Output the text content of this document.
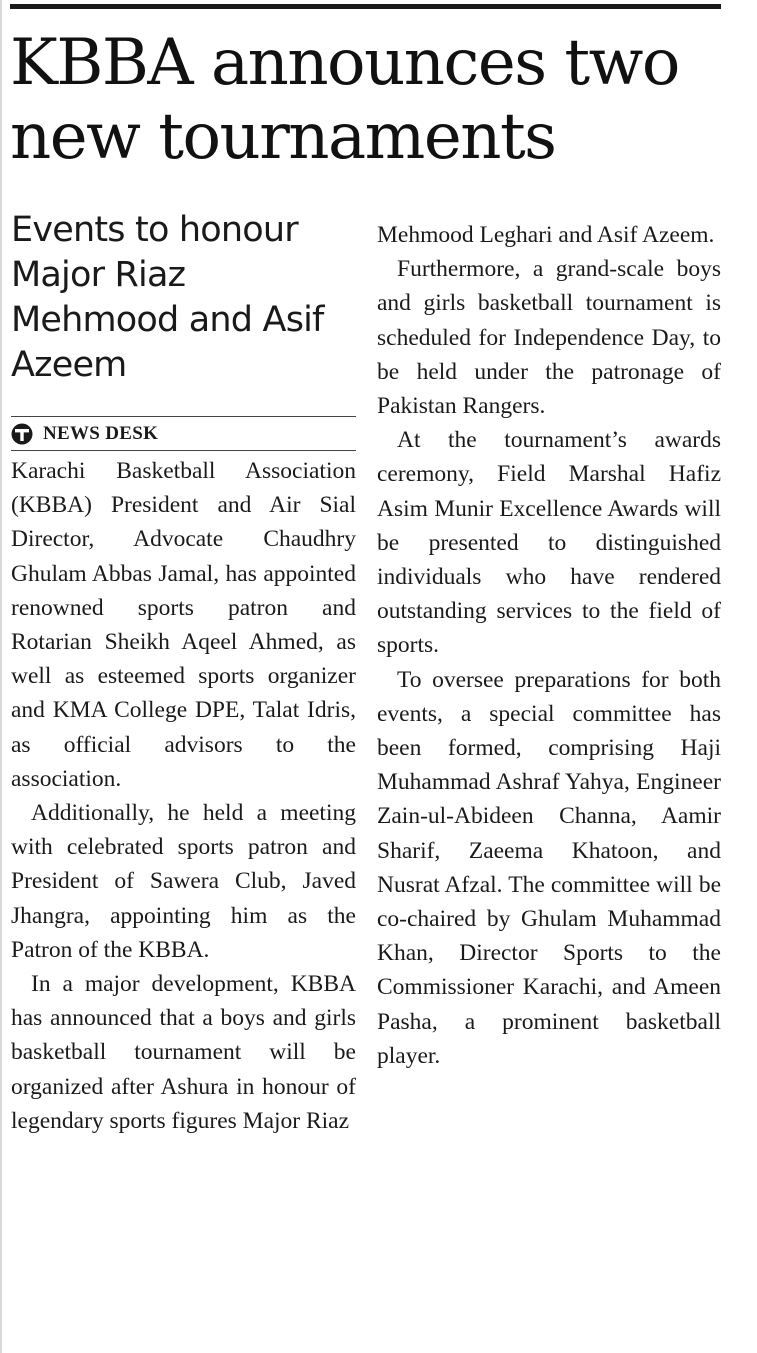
KBBA announces two new tournaments
Events to honour Major Riaz Mehmood and Asif Azeem
NEWS DESK

Karachi Basketball Association (KBBA) President and Air Sial Director, Advocate Chaudhry Ghulam Abbas Jamal, has appointed renowned sports patron and Rotarian Sheikh Aqeel Ahmed, as well as esteemed sports organizer and KMA College DPE, Talat Idris, as official advisors to the association.

Additionally, he held a meeting with celebrated sports patron and President of Sawera Club, Javed Jhangra, appointing him as the Patron of the KBBA.

In a major development, KBBA has announced that a boys and girls basketball tournament will be organized after Ashura in honour of legendary sports figures Major Riaz

Mehmood Leghari and Asif Azeem.

Furthermore, a grand-scale boys and girls basketball tournament is scheduled for Independence Day, to be held under the patronage of Pakistan Rangers.

At the tournament’s awards ceremony, Field Marshal Hafiz Asim Munir Excellence Awards will be presented to distinguished individuals who have rendered outstanding services to the field of sports.

To oversee preparations for both events, a special committee has been formed, comprising Haji Muhammad Ashraf Yahya, Engineer Zain-ul-Abideen Channa, Aamir Sharif, Zaeema Khatoon, and Nusrat Afzal. The committee will be co-chaired by Ghulam Muhammad Khan, Director Sports to the Commissioner Karachi, and Ameen Pasha, a prominent basketball player.
